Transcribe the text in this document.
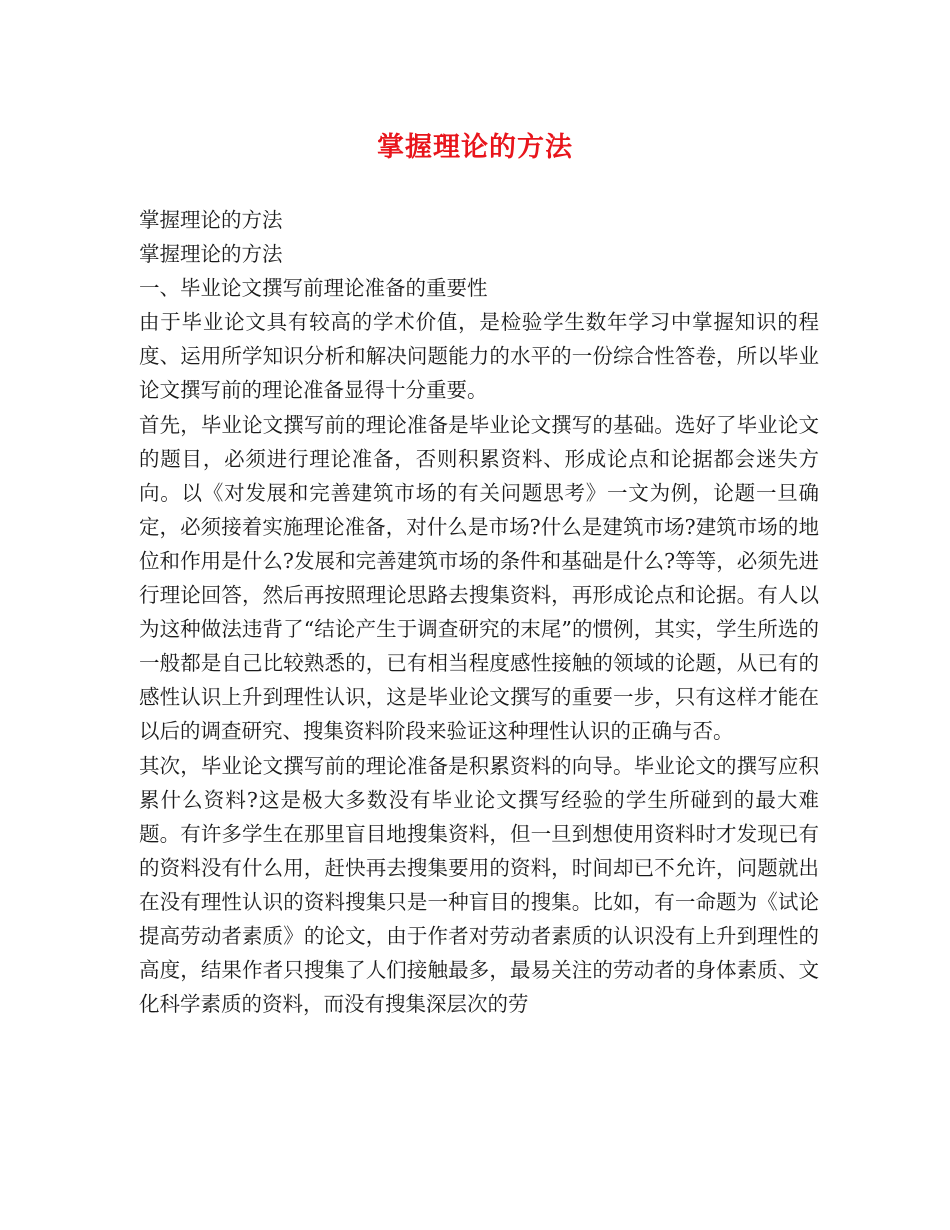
掌握理论的方法

掌握理论的方法

掌握理论的方法

一、毕业论文撰写前理论准备的重要性

由于毕业论文具有较高的学术价值，是检验学生数年学习中掌握知识的程度、运用所学知识分析和解决问题能力的水平的一份综合性答卷，所以毕业论文撰写前的理论准备显得十分重要。

首先，毕业论文撰写前的理论准备是毕业论文撰写的基础。选好了毕业论文的题目，必须进行理论准备，否则积累资料、形成论点和论据都会迷失方向。以《对发展和完善建筑市场的有关问题思考》一文为例，论题一旦确定，必须接着实施理论准备，对什么是市场?什么是建筑市场?建筑市场的地位和作用是什么?发展和完善建筑市场的条件和基础是什么?等等，必须先进行理论回答，然后再按照理论思路去搜集资料，再形成论点和论据。有人以为这种做法违背了“结论产生于调查研究的末尾”的惯例，其实，学生所选的一般都是自己比较熟悉的，已有相当程度感性接触的领域的论题，从已有的感性认识上升到理性认识，这是毕业论文撰写的重要一步，只有这样才能在以后的调查研究、搜集资料阶段来验证这种理性认识的正确与否。

其次，毕业论文撰写前的理论准备是积累资料的向导。毕业论文的撰写应积累什么资料?这是极大多数没有毕业论文撰写经验的学生所碰到的最大难题。有许多学生在那里盲目地搜集资料，但一旦到想使用资料时才发现已有的资料没有什么用，赶快再去搜集要用的资料，时间却已不允许，问题就出在没有理性认识的资料搜集只是一种盲目的搜集。比如，有一命题为《试论提高劳动者素质》的论文，由于作者对劳动者素质的认识没有上升到理性的高度，结果作者只搜集了人们接触最多，最易关注的劳动者的身体素质、文化科学素质的资料，而没有搜集深层次的劳
